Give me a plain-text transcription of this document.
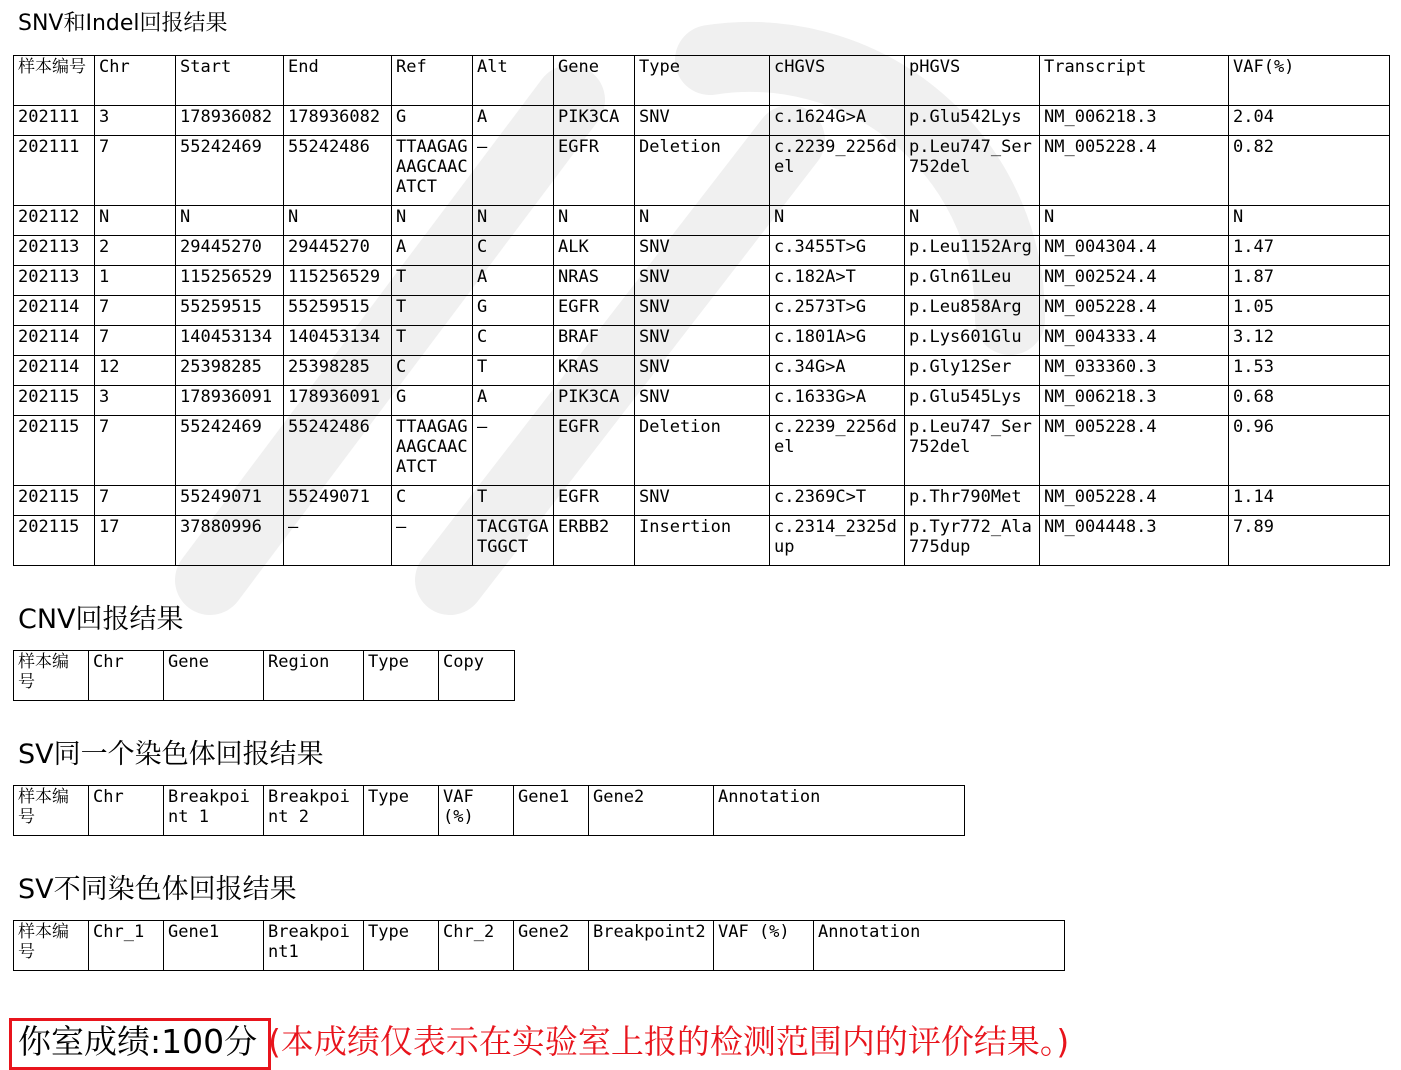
SNV和Indel回报结果
样本编号	Chr	Start	End	Ref	Alt	Gene	Type	cHGVS	pHGVS	Transcript	VAF(%)
202111	3	178936082	178936082	G	A	PIK3CA	SNV	c.1624G>A	p.Glu542Lys	NM_006218.3	2.04
202111	7	55242469	55242486	TTAAGAGAAGCAACATCT	–	EGFR	Deletion	c.2239_2256del	p.Leu747_Ser752del	NM_005228.4	0.82
202112	N	N	N	N	N	N	N	N	N	N	N
202113	2	29445270	29445270	A	C	ALK	SNV	c.3455T>G	p.Leu1152Arg	NM_004304.4	1.47
202113	1	115256529	115256529	T	A	NRAS	SNV	c.182A>T	p.Gln61Leu	NM_002524.4	1.87
202114	7	55259515	55259515	T	G	EGFR	SNV	c.2573T>G	p.Leu858Arg	NM_005228.4	1.05
202114	7	140453134	140453134	T	C	BRAF	SNV	c.1801A>G	p.Lys601Glu	NM_004333.4	3.12
202114	12	25398285	25398285	C	T	KRAS	SNV	c.34G>A	p.Gly12Ser	NM_033360.3	1.53
202115	3	178936091	178936091	G	A	PIK3CA	SNV	c.1633G>A	p.Glu545Lys	NM_006218.3	0.68
202115	7	55242469	55242486	TTAAGAGAAGCAACATCT	–	EGFR	Deletion	c.2239_2256del	p.Leu747_Ser752del	NM_005228.4	0.96
202115	7	55249071	55249071	C	T	EGFR	SNV	c.2369C>T	p.Thr790Met	NM_005228.4	1.14
202115	17	37880996	–	–	TACGTGATGGCT	ERBB2	Insertion	c.2314_2325dup	p.Tyr772_Ala775dup	NM_004448.3	7.89
CNV回报结果
样本编号	Chr	Gene	Region	Type	Copy
SV同一个染色体回报结果
样本编号	Chr	Breakpoint 1	Breakpoint 2	Type	VAF (%)	Gene1	Gene2	Annotation
SV不同染色体回报结果
样本编号	Chr_1	Gene1	Breakpoint1	Type	Chr_2	Gene2	Breakpoint2	VAF (%)	Annotation
你室成绩:100分 (本成绩仅表示在实验室上报的检测范围内的评价结果。)
